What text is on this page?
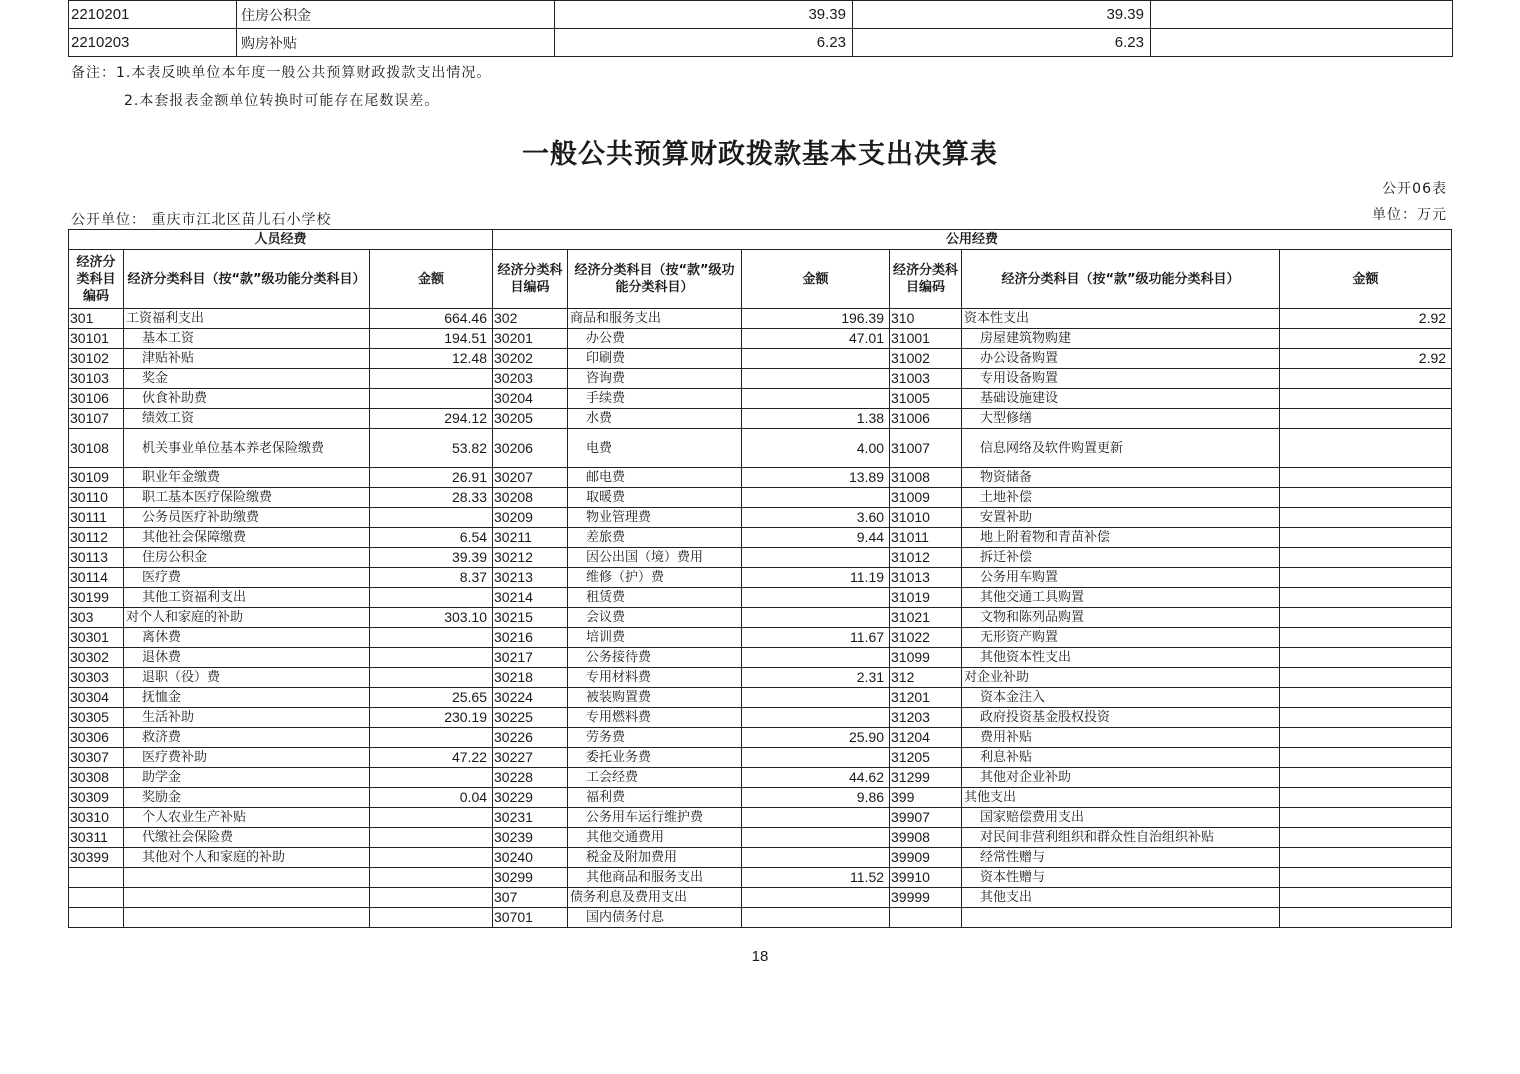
2210201	住房公积金	39.39	39.39	
2210203	购房补贴	6.23	6.23	
备注：1.本表反映单位本年度一般公共预算财政拨款支出情况。
2.本套报表金额单位转换时可能存在尾数误差。
一般公共预算财政拨款基本支出决算表
公开06表
公开单位： 重庆市江北区苗儿石小学校	单位：万元
人员经费			公用经费					
经济分类科目编码	经济分类科目（按“款”级功能分类科目）	金额	经济分类科目编码	经济分类科目（按“款”级功能分类科目）	金额	经济分类科目编码	经济分类科目（按“款”级功能分类科目）	金额
301	工资福利支出	664.46	302	商品和服务支出	196.39	310	资本性支出	2.92
30101	基本工资	194.51	30201	办公费	47.01	31001	房屋建筑物购建	
30102	津贴补贴	12.48	30202	印刷费		31002	办公设备购置	2.92
30103	奖金		30203	咨询费		31003	专用设备购置	
30106	伙食补助费		30204	手续费		31005	基础设施建设	
30107	绩效工资	294.12	30205	水费	1.38	31006	大型修缮	
30108	机关事业单位基本养老保险缴费	53.82	30206	电费	4.00	31007	信息网络及软件购置更新	
30109	职业年金缴费	26.91	30207	邮电费	13.89	31008	物资储备	
30110	职工基本医疗保险缴费	28.33	30208	取暖费		31009	土地补偿	
30111	公务员医疗补助缴费		30209	物业管理费	3.60	31010	安置补助	
30112	其他社会保障缴费	6.54	30211	差旅费	9.44	31011	地上附着物和青苗补偿	
30113	住房公积金	39.39	30212	因公出国（境）费用		31012	拆迁补偿	
30114	医疗费	8.37	30213	维修（护）费	11.19	31013	公务用车购置	
30199	其他工资福利支出		30214	租赁费		31019	其他交通工具购置	
303	对个人和家庭的补助	303.10	30215	会议费		31021	文物和陈列品购置	
30301	离休费		30216	培训费	11.67	31022	无形资产购置	
30302	退休费		30217	公务接待费		31099	其他资本性支出	
30303	退职（役）费		30218	专用材料费	2.31	312	对企业补助	
30304	抚恤金	25.65	30224	被装购置费		31201	资本金注入	
30305	生活补助	230.19	30225	专用燃料费		31203	政府投资基金股权投资	
30306	救济费		30226	劳务费	25.90	31204	费用补贴	
30307	医疗费补助	47.22	30227	委托业务费		31205	利息补贴	
30308	助学金		30228	工会经费	44.62	31299	其他对企业补助	
30309	奖励金	0.04	30229	福利费	9.86	399	其他支出	
30310	个人农业生产补贴		30231	公务用车运行维护费		39907	国家赔偿费用支出	
30311	代缴社会保险费		30239	其他交通费用		39908	对民间非营利组织和群众性自治组织补贴	
30399	其他对个人和家庭的补助		30240	税金及附加费用		39909	经常性赠与	
			30299	其他商品和服务支出	11.52	39910	资本性赠与	
			307	债务利息及费用支出		39999	其他支出	
			30701	国内债务付息				
18
